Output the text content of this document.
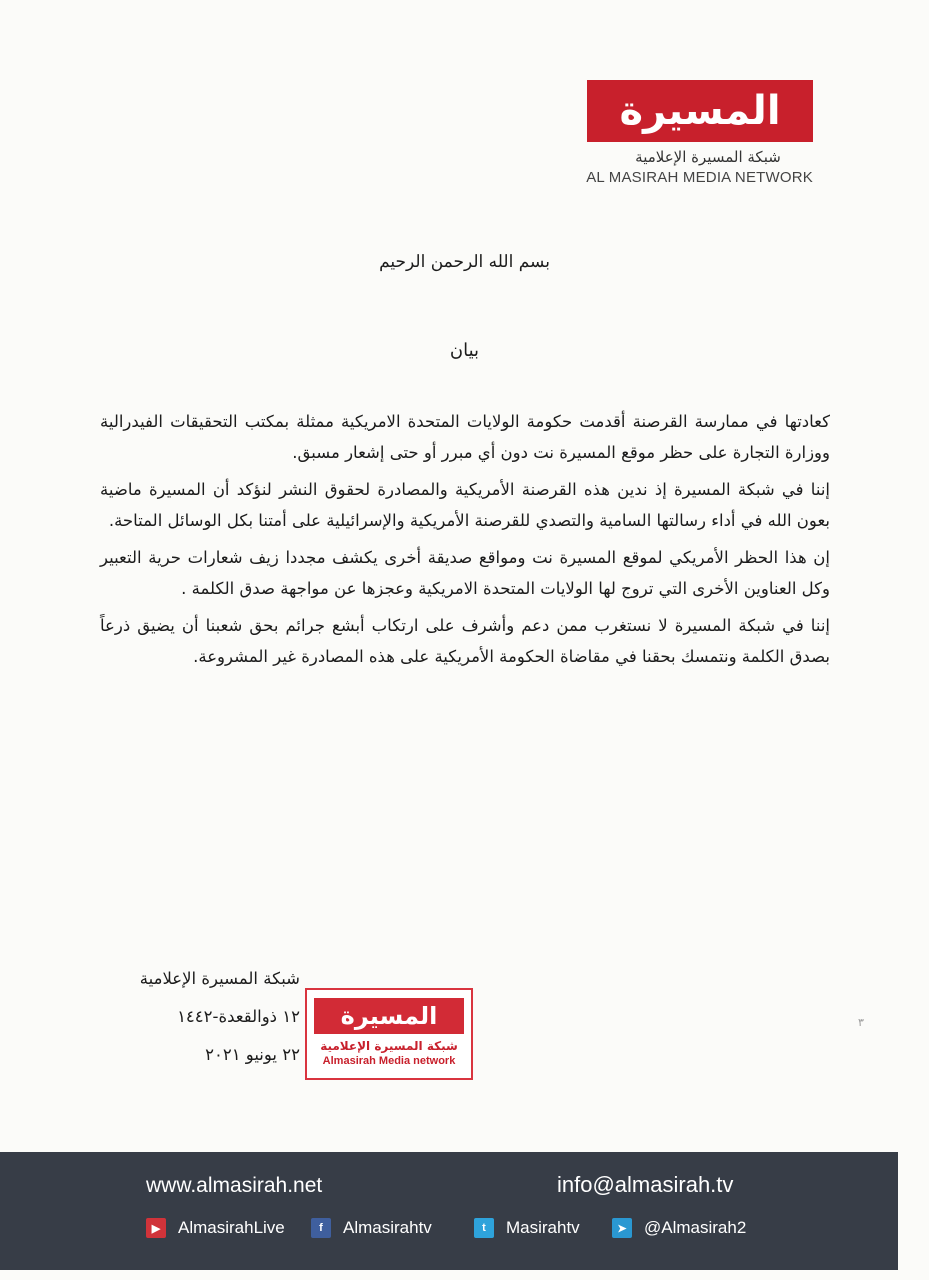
المسيرة
شبكة المسيرة الإعلامية
AL MASIRAH MEDIA NETWORK
بسم الله الرحمن الرحيم
بيان

كعادتها في ممارسة القرصنة أقدمت حكومة الولايات المتحدة الامريكية ممثلة بمكتب التحقيقات الفيدرالية ووزارة التجارة على حظر موقع المسيرة نت دون أي مبرر أو حتى إشعار مسبق.

إننا في شبكة المسيرة إذ ندين هذه القرصنة الأمريكية والمصادرة لحقوق النشر لنؤكد أن المسيرة ماضية بعون الله في أداء رسالتها السامية والتصدي للقرصنة الأمريكية والإسرائيلية على أمتنا بكل الوسائل المتاحة.

إن هذا الحظر الأمريكي لموقع المسيرة نت ومواقع صديقة أخرى يكشف مجددا زيف شعارات حرية التعبير وكل العناوين الأخرى التي تروج لها الولايات المتحدة الامريكية وعجزها عن مواجهة صدق الكلمة .

إننا في شبكة المسيرة لا نستغرب ممن دعم وأشرف على ارتكاب أبشع جرائم بحق شعبنا أن يضيق ذرعاً بصدق الكلمة ونتمسك بحقنا في مقاضاة الحكومة الأمريكية على هذه المصادرة غير المشروعة.

شبكة المسيرة الإعلامية
١٢ ذوالقعدة-١٤٤٢
٢٢ يونيو ٢٠٢١
المسيرة
شبكة المسيرة الإعلامية
Almasirah Media network
٣
www.almasirah.net	info@almasirah.tv
▶	AlmasirahLive	f	Almasirahtv	t	Masirahtv	➤	@Almasirah2
